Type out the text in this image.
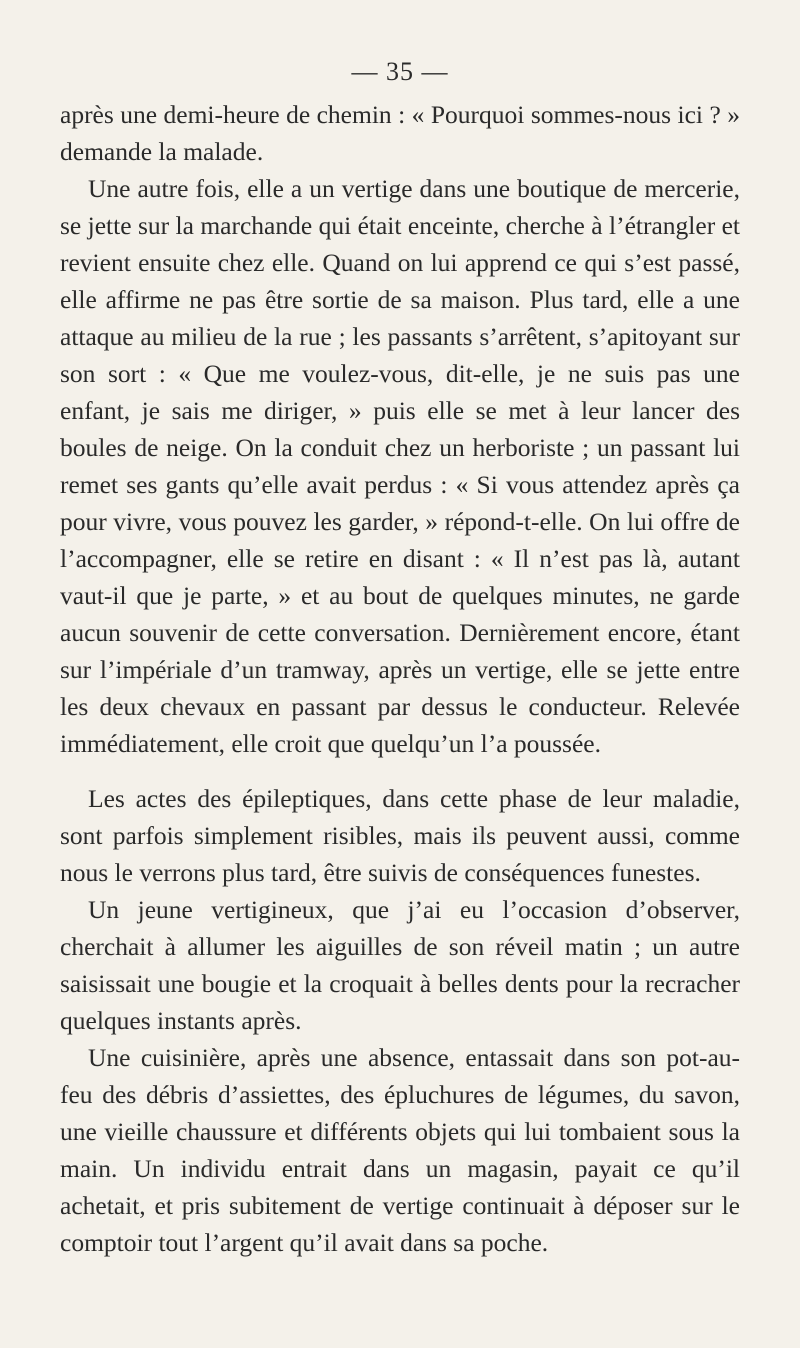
— 35 —

après une demi-heure de chemin : « Pourquoi sommes-nous ici ? » demande la malade.

Une autre fois, elle a un vertige dans une boutique de mercerie, se jette sur la marchande qui était enceinte, cherche à l’étrangler et revient ensuite chez elle. Quand on lui apprend ce qui s’est passé, elle affirme ne pas être sortie de sa maison. Plus tard, elle a une attaque au milieu de la rue ; les passants s’arrêtent, s’apitoyant sur son sort : « Que me voulez-vous, dit-elle, je ne suis pas une enfant, je sais me diriger, » puis elle se met à leur lancer des boules de neige. On la conduit chez un herboriste ; un passant lui remet ses gants qu’elle avait perdus : « Si vous attendez après ça pour vivre, vous pouvez les garder, » répond-t-elle. On lui offre de l’accompagner, elle se retire en disant : « Il n’est pas là, autant vaut-il que je parte, » et au bout de quelques minutes, ne garde aucun souvenir de cette conversation. Dernièrement encore, étant sur l’impériale d’un tramway, après un vertige, elle se jette entre les deux chevaux en passant par dessus le conducteur. Relevée immédiatement, elle croit que quelqu’un l’a poussée.

Les actes des épileptiques, dans cette phase de leur maladie, sont parfois simplement risibles, mais ils peuvent aussi, comme nous le verrons plus tard, être suivis de conséquences funestes.

Un jeune vertigineux, que j’ai eu l’occasion d’observer, cherchait à allumer les aiguilles de son réveil matin ; un autre saisissait une bougie et la croquait à belles dents pour la recracher quelques instants après.

Une cuisinière, après une absence, entassait dans son pot-au-feu des débris d’assiettes, des épluchures de légumes, du savon, une vieille chaussure et différents objets qui lui tombaient sous la main. Un individu entrait dans un magasin, payait ce qu’il achetait, et pris subitement de vertige continuait à déposer sur le comptoir tout l’argent qu’il avait dans sa poche.
